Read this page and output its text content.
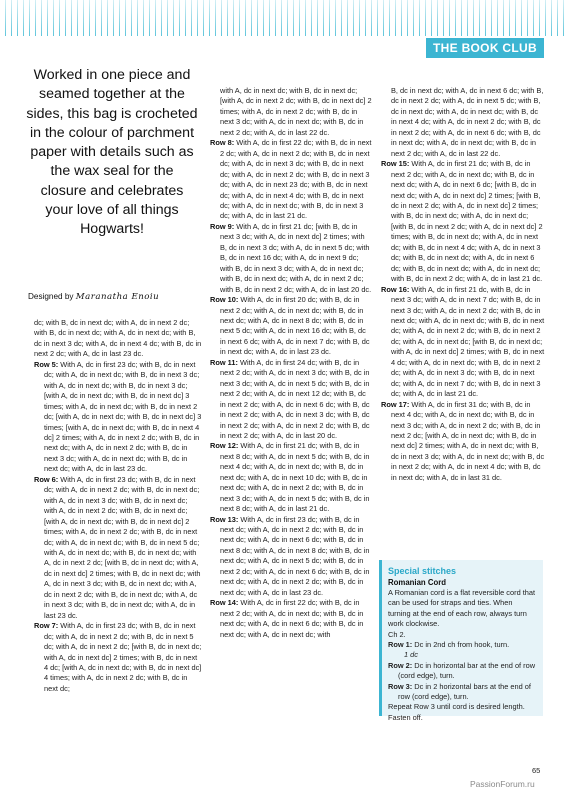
THE BOOK CLUB
Worked in one piece and seamed together at the sides, this bag is crocheted in the colour of parchment paper with details such as the wax seal for the closure and celebrates your love of all things Hogwarts!
Designed by Maranatha Enoiu
dc; with B, dc in next dc; with A, dc in next 2 dc; with B, dc in next dc; with A, dc in next dc; with B, dc in next 3 dc; with A, dc in next 4 dc; with B, dc in next 2 dc; with A, dc in last 23 dc.

Row 5: With A, dc in first 23 dc; with B, dc in next dc; with A, dc in next dc; with B, dc in next 3 dc; with A, dc in next dc; with B, dc in next 3 dc; [with A, dc in next dc; with B, dc in next dc] 3 times; with A, dc in next dc; with B, dc in next 2 dc; [with A, dc in next dc; with B, dc in next dc] 3 times; [with A, dc in next dc; with B, dc in next 4 dc] 2 times; with A, dc in next 2 dc; with B, dc in next dc; with A, dc in next 2 dc; with B, dc in next 3 dc; with A, dc in next dc; with B, dc in next dc; with A, dc in last 23 dc.

Row 6: With A, dc in first 23 dc; with B, dc in next dc; with A, dc in next 2 dc; with B, dc in next dc; with A, dc in next 3 dc; with B, dc in next dc; with A, dc in next 2 dc; with B, dc in next dc; [with A, dc in next dc; with B, dc in next dc] 2 times; with A, dc in next 2 dc; with B, dc in next dc; with A, dc in next dc; with B, dc in next 5 dc; with A, dc in next dc; with B, dc in next dc; with A, dc in next 2 dc; [with B, dc in next dc; with A, dc in next dc] 2 times; with B, dc in next dc; with A, dc in next 3 dc; with B, dc in next dc; with A, dc in next 2 dc; with B, dc in next dc; with A, dc in next 3 dc; with B, dc in next dc; with A, dc in last 23 dc.

Row 7: With A, dc in first 23 dc; with B, dc in next dc; with A, dc in next 2 dc; with B, dc in next 5 dc; with A, dc in next 2 dc; [with B, dc in next dc; with A, dc in next dc] 2 times; with B, dc in next 4 dc; [with A, dc in next dc; with B, dc in next dc] 4 times; with A, dc in next 2 dc; with B, dc in next dc;

with A, dc in next dc; with B, dc in next dc; [with A, dc in next 2 dc; with B, dc in next dc] 2 times; with A, dc in next 2 dc; with B, dc in next 3 dc; with A, dc in next dc; with B, dc in next 2 dc; with A, dc in last 22 dc.

Row 8: With A, dc in first 22 dc; with B, dc in next 2 dc; with A, dc in next 2 dc; with B, dc in next dc; with A, dc in next 3 dc; with B, dc in next dc; with A, dc in next 2 dc; with B, dc in next 3 dc; with A, dc in next 23 dc; with B, dc in next dc; with A, dc in next 4 dc; with B, dc in next dc; with A, dc in next dc; with B, dc in next 3 dc; with A, dc in last 21 dc.

Row 9: With A, dc in first 21 dc; [with B, dc in next 3 dc; with A, dc in next dc] 2 times; with B, dc in next 3 dc; with A, dc in next 5 dc; with B, dc in next 16 dc; with A, dc in next 9 dc; with B, dc in next 3 dc; with A, dc in next dc; with B, dc in next dc; with A, dc in next 2 dc; with B, dc in next 2 dc; with A, dc in last 20 dc.

Row 10: With A, dc in first 20 dc; with B, dc in next 2 dc; with A, dc in next dc; with B, dc in next dc; with A, dc in next 8 dc; with B, dc in next 5 dc; with A, dc in next 16 dc; with B, dc in next 6 dc; with A, dc in next 7 dc; with B, dc in next dc; with A, dc in last 23 dc.

Row 11: With A, dc in first 24 dc; with B, dc in next 2 dc; with A, dc in next 3 dc; with B, dc in next 3 dc; with A, dc in next 5 dc; with B, dc in next 2 dc; with A, dc in next 12 dc; with B, dc in next 2 dc; with A, dc in next 6 dc; with B, dc in next 2 dc; with A, dc in next 3 dc; with B, dc in next 2 dc; with A, dc in next 2 dc; with B, dc in next 2 dc; with A, dc in last 20 dc.

Row 12: With A, dc in first 21 dc; with B, dc in next 8 dc; with A, dc in next 5 dc; with B, dc in next 4 dc; with A, dc in next dc; with B, dc in next dc; with A, dc in next 10 dc; with B, dc in next dc; with A, dc in next 2 dc; with B, dc in next 3 dc; with A, dc in next 5 dc; with B, dc in next 8 dc; with A, dc in last 21 dc.

Row 13: With A, dc in first 23 dc; with B, dc in next dc; with A, dc in next 2 dc; with B, dc in next dc; with A, dc in next 6 dc; with B, dc in next 8 dc; with A, dc in next 8 dc; with B, dc in next dc; with A, dc in next 5 dc; with B, dc in next 2 dc; with A, dc in next 6 dc; with B, dc in next dc; with A, dc in next 2 dc; with B, dc in next dc; with A, dc in last 23 dc.

Row 14: With A, dc in first 22 dc; with B, dc in next 2 dc; with A, dc in next dc; with B, dc in next dc; with A, dc in next 6 dc; with B, dc in next dc; with A, dc in next dc; with

B, dc in next dc; with A, dc in next 6 dc; with B, dc in next 2 dc; with A, dc in next 5 dc; with B, dc in next dc; with A, dc in next dc; with B, dc in next 4 dc; with A, dc in next 2 dc; with B, dc in next 2 dc; with A, dc in next 6 dc; with B, dc in next dc; with A, dc in next dc; with B, dc in next 2 dc; with A, dc in last 22 dc.

Row 15: With A, dc in first 21 dc; with B, dc in next 2 dc; with A, dc in next dc; with B, dc in next dc; with A, dc in next 6 dc; [with B, dc in next dc; with A, dc in next dc] 2 times; [with B, dc in next 2 dc; with A, dc in next dc] 2 times; with B, dc in next dc; with A, dc in next dc; [with B, dc in next 2 dc; with A, dc in next dc] 2 times; with B, dc in next dc; with A, dc in next dc; with B, dc in next 4 dc; with A, dc in next 3 dc; with B, dc in next dc; with A, dc in next 6 dc; with B, dc in next dc; with A, dc in next dc; with B, dc in next 2 dc; with A, dc in last 21 dc.

Row 16: With A, dc in first 21 dc, with B, dc in next 3 dc; with A, dc in next 7 dc; with B, dc in next 3 dc; with A, dc in next 2 dc; with B, dc in next dc; with A, dc in next dc; with B, dc in next dc; with A, dc in next 2 dc; with B, dc in next 2 dc; with A, dc in next dc; [with B, dc in next dc; with A, dc in next dc] 2 times; with B, dc in next 4 dc; with A, dc in next dc; with B, dc in next 2 dc; with A, dc in next 3 dc; with B, dc in next dc; with A, dc in next 7 dc; with B, dc in next 3 dc; with A, dc in last 21 dc.

Row 17: With A, dc in first 31 dc; with B, dc in next 4 dc; with A, dc in next dc; with B, dc in next 3 dc; with A, dc in next 2 dc; with B, dc in next 2 dc; [with A, dc in next dc; with B, dc in next dc] 2 times; with A, dc in next dc; with B, dc in next 3 dc; with A, dc in next dc; with B, dc in next 2 dc; with A, dc in next 4 dc; with B, dc in next dc; with A, dc in last 31 dc.

Special stitches
Romanian Cord
A Romanian cord is a flat reversible cord that can be used for straps and ties. When turning at the end of each row, always turn work clockwise.
Ch 2.
Row 1: Dc in 2nd ch from hook, turn.
1 dc
Row 2: Dc in horizontal bar at the end of row (cord edge), turn.
Row 3: Dc in 2 horizontal bars at the end of row (cord edge), turn.
Repeat Row 3 until cord is desired length. Fasten off.
65
PassionForum.ru
